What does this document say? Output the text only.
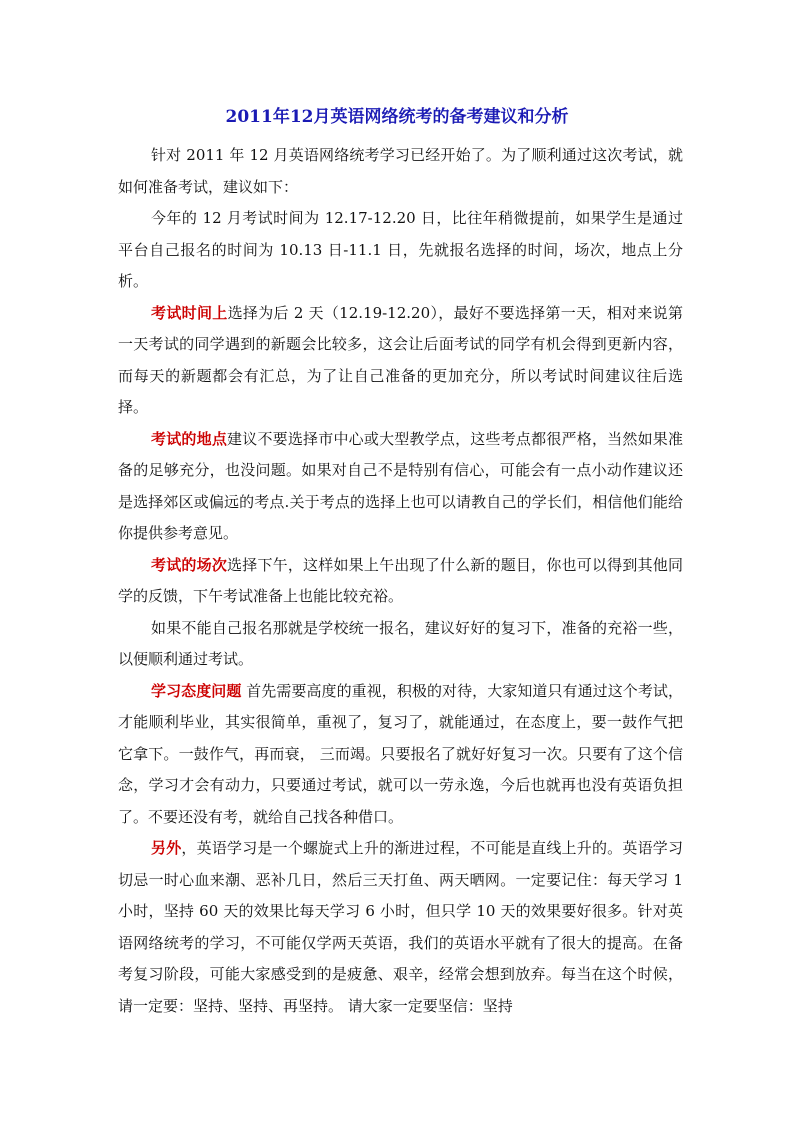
2011年12月英语网络统考的备考建议和分析

针对 2011 年 12 月英语网络统考学习已经开始了。为了顺利通过这次考试，就如何准备考试，建议如下：

今年的 12 月考试时间为 12.17-12.20 日，比往年稍微提前，如果学生是通过平台自己报名的时间为 10.13 日-11.1 日，先就报名选择的时间，场次，地点上分析。

考试时间上选择为后 2 天（12.19-12.20），最好不要选择第一天，相对来说第一天考试的同学遇到的新题会比较多，这会让后面考试的同学有机会得到更新内容，而每天的新题都会有汇总，为了让自己准备的更加充分，所以考试时间建议往后选择。

考试的地点建议不要选择市中心或大型教学点，这些考点都很严格，当然如果准备的足够充分，也没问题。如果对自己不是特别有信心，可能会有一点小动作建议还是选择郊区或偏远的考点.关于考点的选择上也可以请教自己的学长们，相信他们能给你提供参考意见。

考试的场次选择下午，这样如果上午出现了什么新的题目，你也可以得到其他同学的反馈，下午考试准备上也能比较充裕。

如果不能自己报名那就是学校统一报名，建议好好的复习下，准备的充裕一些，以便顺利通过考试。

学习态度问题 首先需要高度的重视，积极的对待，大家知道只有通过这个考试，才能顺利毕业，其实很简单，重视了，复习了，就能通过，在态度上，要一鼓作气把它拿下。一鼓作气，再而衰， 三而竭。只要报名了就好好复习一次。只要有了这个信念，学习才会有动力，只要通过考试，就可以一劳永逸，今后也就再也没有英语负担了。不要还没有考，就给自己找各种借口。

另外，英语学习是一个螺旋式上升的渐进过程，不可能是直线上升的。英语学习切忌一时心血来潮、恶补几日，然后三天打鱼、两天晒网。一定要记住：每天学习 1 小时，坚持 60 天的效果比每天学习 6 小时，但只学 10 天的效果要好很多。针对英语网络统考的学习，不可能仅学两天英语，我们的英语水平就有了很大的提高。在备考复习阶段，可能大家感受到的是疲惫、艰辛，经常会想到放弃。每当在这个时候，请一定要：坚持、坚持、再坚持。 请大家一定要坚信：坚持
